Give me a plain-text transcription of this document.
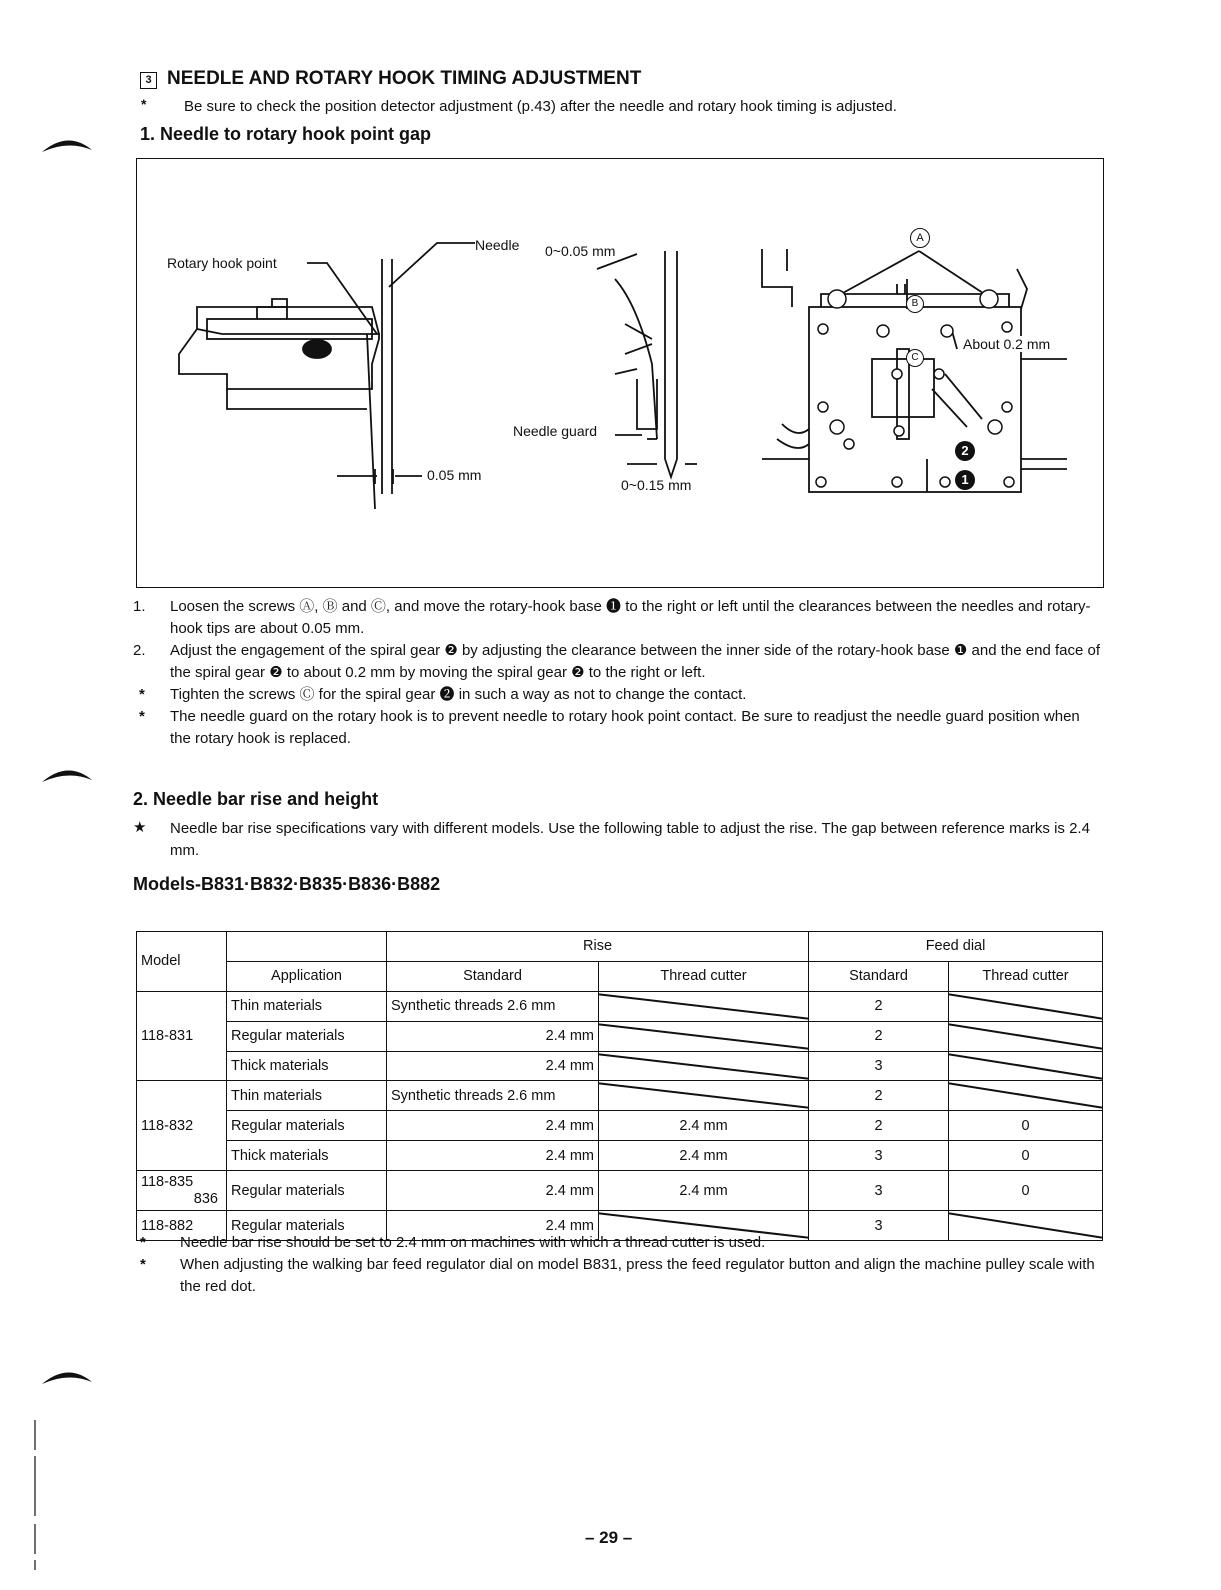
3 NEEDLE AND ROTARY HOOK TIMING ADJUSTMENT
*	Be sure to check the position detector adjustment (p.43) after the needle and rotary hook timing is adjusted.
1. Needle to rotary hook point gap
Rotary hook point
Needle 0~0.05 mm
Needle guard
0.05 mm
0~0.15 mm
About 0.2 mm
A
B
C
2
1
1. Loosen the screws Ⓐ, Ⓑ and Ⓒ, and move the rotary-hook base ❶ to the right or left until the clearances between the needles and rotary-hook tips are about 0.05 mm.
2. Adjust the engagement of the spiral gear ❷ by adjusting the clearance between the inner side of the rotary-hook base ❶ and the end face of the spiral gear ❷ to about 0.2 mm by moving the spiral gear ❷ to the right or left.
* Tighten the screws Ⓒ for the spiral gear ❷ in such a way as not to change the contact.
* The needle guard on the rotary hook is to prevent needle to rotary hook point contact. Be sure to readjust the needle guard position when the rotary hook is replaced.
2. Needle bar rise and height
★ Needle bar rise specifications vary with different models. Use the following table to adjust the rise. The gap between reference marks is 2.4 mm.
Models-B831·B832·B835·B836·B882
Model		Rise		Feed dial	
	Application	Standard	Thread cutter	Standard	Thread cutter
118-831	Thin materials	Synthetic threads 2.6 mm		2	

	Regular materials	2.4 mm		2	

	Thick materials	2.4 mm		3	

118-832	Thin materials	Synthetic threads 2.6 mm		2	

	Regular materials	2.4 mm	2.4 mm	2	0
	Thick materials	2.4 mm	2.4 mm	3	0

118-835
836	Regular materials	2.4 mm	2.4 mm	3	0
118-882	Regular materials	2.4 mm		3	
* Needle bar rise should be set to 2.4 mm on machines with which a thread cutter is used.
* When adjusting the walking bar feed regulator dial on model B831, press the feed regulator button and align the machine pulley scale with the red dot.
– 29 –
